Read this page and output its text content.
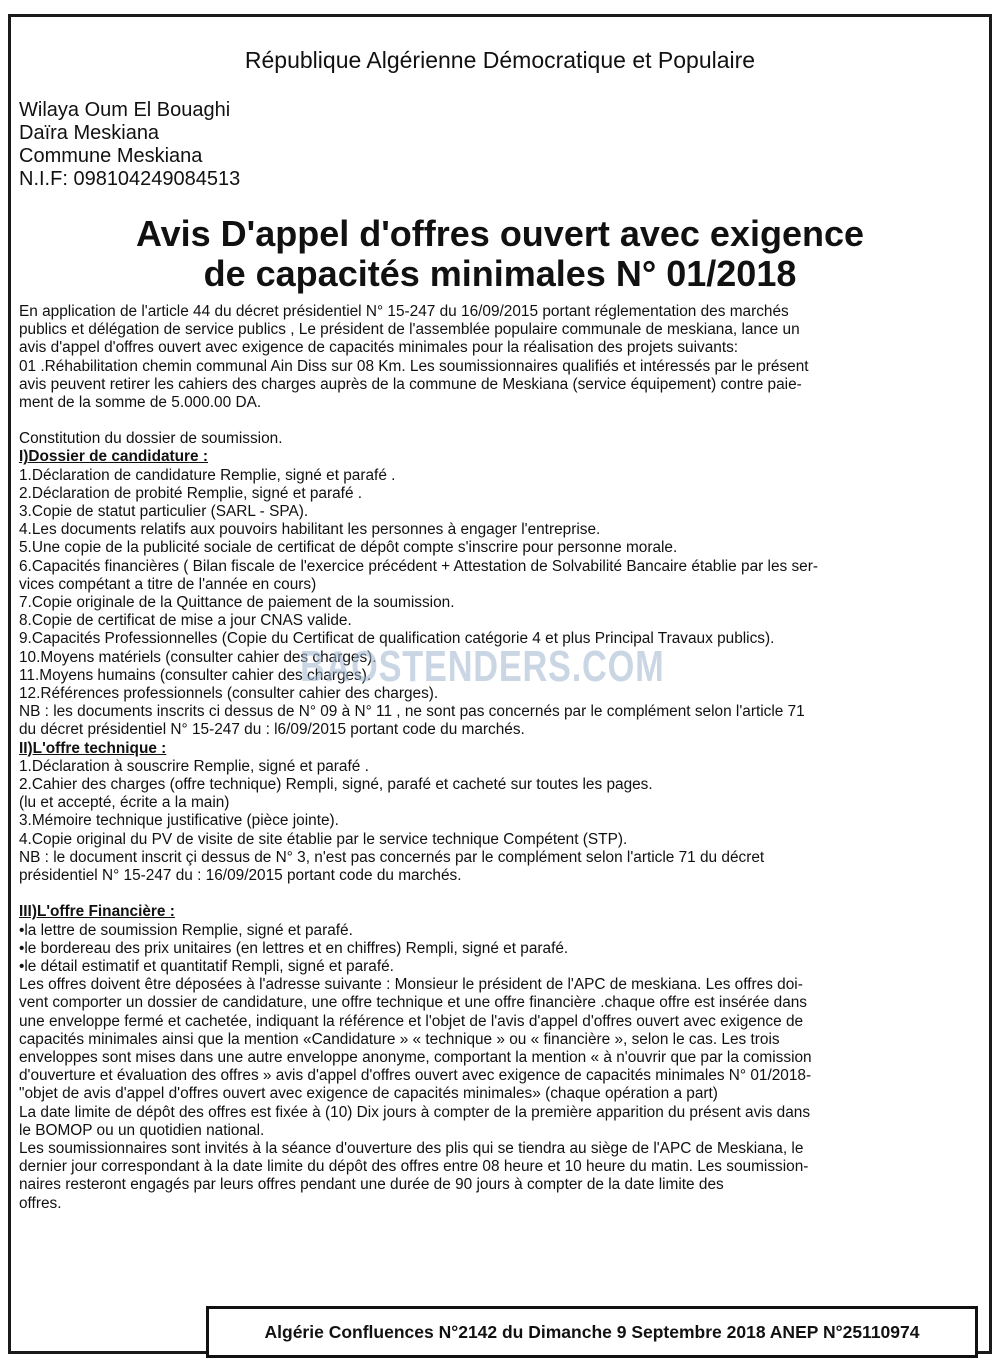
République Algérienne Démocratique et Populaire
Wilaya Oum El Bouaghi
Daïra Meskiana
Commune Meskiana
N.I.F: 098104249084513
Avis D'appel d'offres ouvert avec exigence
de capacités minimales N° 01/2018

En application de l'article 44 du décret présidentiel N° 15-247 du 16/09/2015 portant réglementation des marchés

publics et délégation de service publics , Le président de l'assemblée populaire communale de meskiana, lance un

avis d'appel d'offres ouvert avec exigence de capacités minimales pour la réalisation des projets suivants:

01 .Réhabilitation chemin communal Ain Diss sur 08 Km. Les soumissionnaires qualifiés et intéressés par le présent

avis peuvent retirer les cahiers des charges auprès de la commune de Meskiana (service équipement) contre paie-

ment de la somme de 5.000.00 DA.

Constitution du dossier de soumission.

I)Dossier de candidature :

1.Déclaration de candidature Remplie, signé et parafé .

2.Déclaration de probité Remplie, signé et parafé .

3.Copie de statut particulier (SARL - SPA).

4.Les documents relatifs aux pouvoirs habilitant les personnes à engager l'entreprise.

5.Une copie de la publicité sociale de certificat de dépôt compte s'inscrire pour personne morale.

6.Capacités financières ( Bilan fiscale de l'exercice précédent + Attestation de Solvabilité Bancaire établie par les ser-

vices compétant a titre de l'année en cours)

7.Copie originale de la Quittance de paiement de la soumission.

8.Copie de certificat de mise a jour CNAS valide.

9.Capacités Professionnelles (Copie du Certificat de qualification catégorie 4 et plus Principal Travaux publics).

10.Moyens matériels (consulter cahier des charges).

11.Moyens humains (consulter cahier des charges).

12.Références professionnels (consulter cahier des charges).

NB : les documents inscrits ci dessus de N° 09 à N° 11 , ne sont pas concernés par le complément selon l'article 71

du décret présidentiel N° 15-247 du : l6/09/2015 portant code du marchés.

II)L'offre technique :

1.Déclaration à souscrire Remplie, signé et parafé .

2.Cahier des charges (offre technique) Rempli, signé, parafé et cacheté sur toutes les pages.

(lu et accepté, écrite a la main)

3.Mémoire technique justificative (pièce jointe).

4.Copie original du PV de visite de site établie par le service technique Compétent (STP).

NB : le document inscrit çi dessus de N° 3, n'est pas concernés par le complément selon l'article 71 du décret

présidentiel N° 15-247 du : 16/09/2015 portant code du marchés.

III)L'offre Financière :

•la lettre de soumission Remplie, signé et parafé.

•le bordereau des prix unitaires (en lettres et en chiffres) Rempli, signé et parafé.

•le détail estimatif et quantitatif Rempli, signé et parafé.

Les offres doivent être déposées à l'adresse suivante : Monsieur le président de l'APC de meskiana. Les offres doi-

vent comporter un dossier de candidature, une offre technique et une offre financière .chaque offre est insérée dans

une enveloppe fermé et cachetée, indiquant la référence et l'objet de l'avis d'appel d'offres ouvert avec exigence de

capacités minimales ainsi que la mention «Candidature » « technique » ou « financière », selon le cas. Les trois

enveloppes sont mises dans une autre enveloppe anonyme, comportant la mention « à n'ouvrir que par la comission

d'ouverture et évaluation des offres » avis d'appel d'offres ouvert avec exigence de capacités minimales N° 01/2018-

"objet de avis d'appel d'offres ouvert avec exigence de capacités minimales» (chaque opération a part)

La date limite de dépôt des offres est fixée à (10) Dix jours à compter de la première apparition du présent avis dans

le BOMOP ou un quotidien national.

Les soumissionnaires sont invités à la séance d'ouverture des plis qui se tiendra au siège de l'APC de Meskiana, le

dernier jour correspondant à la date limite du dépôt des offres entre 08 heure et 10 heure du matin. Les soumission-

naires resteront engagés par leurs offres pendant une durée de 90 jours à compter de la date limite des

offres.

BAOSTENDERS.COM
Algérie Confluences N°2142 du Dimanche 9 Septembre 2018 ANEP N°25110974
